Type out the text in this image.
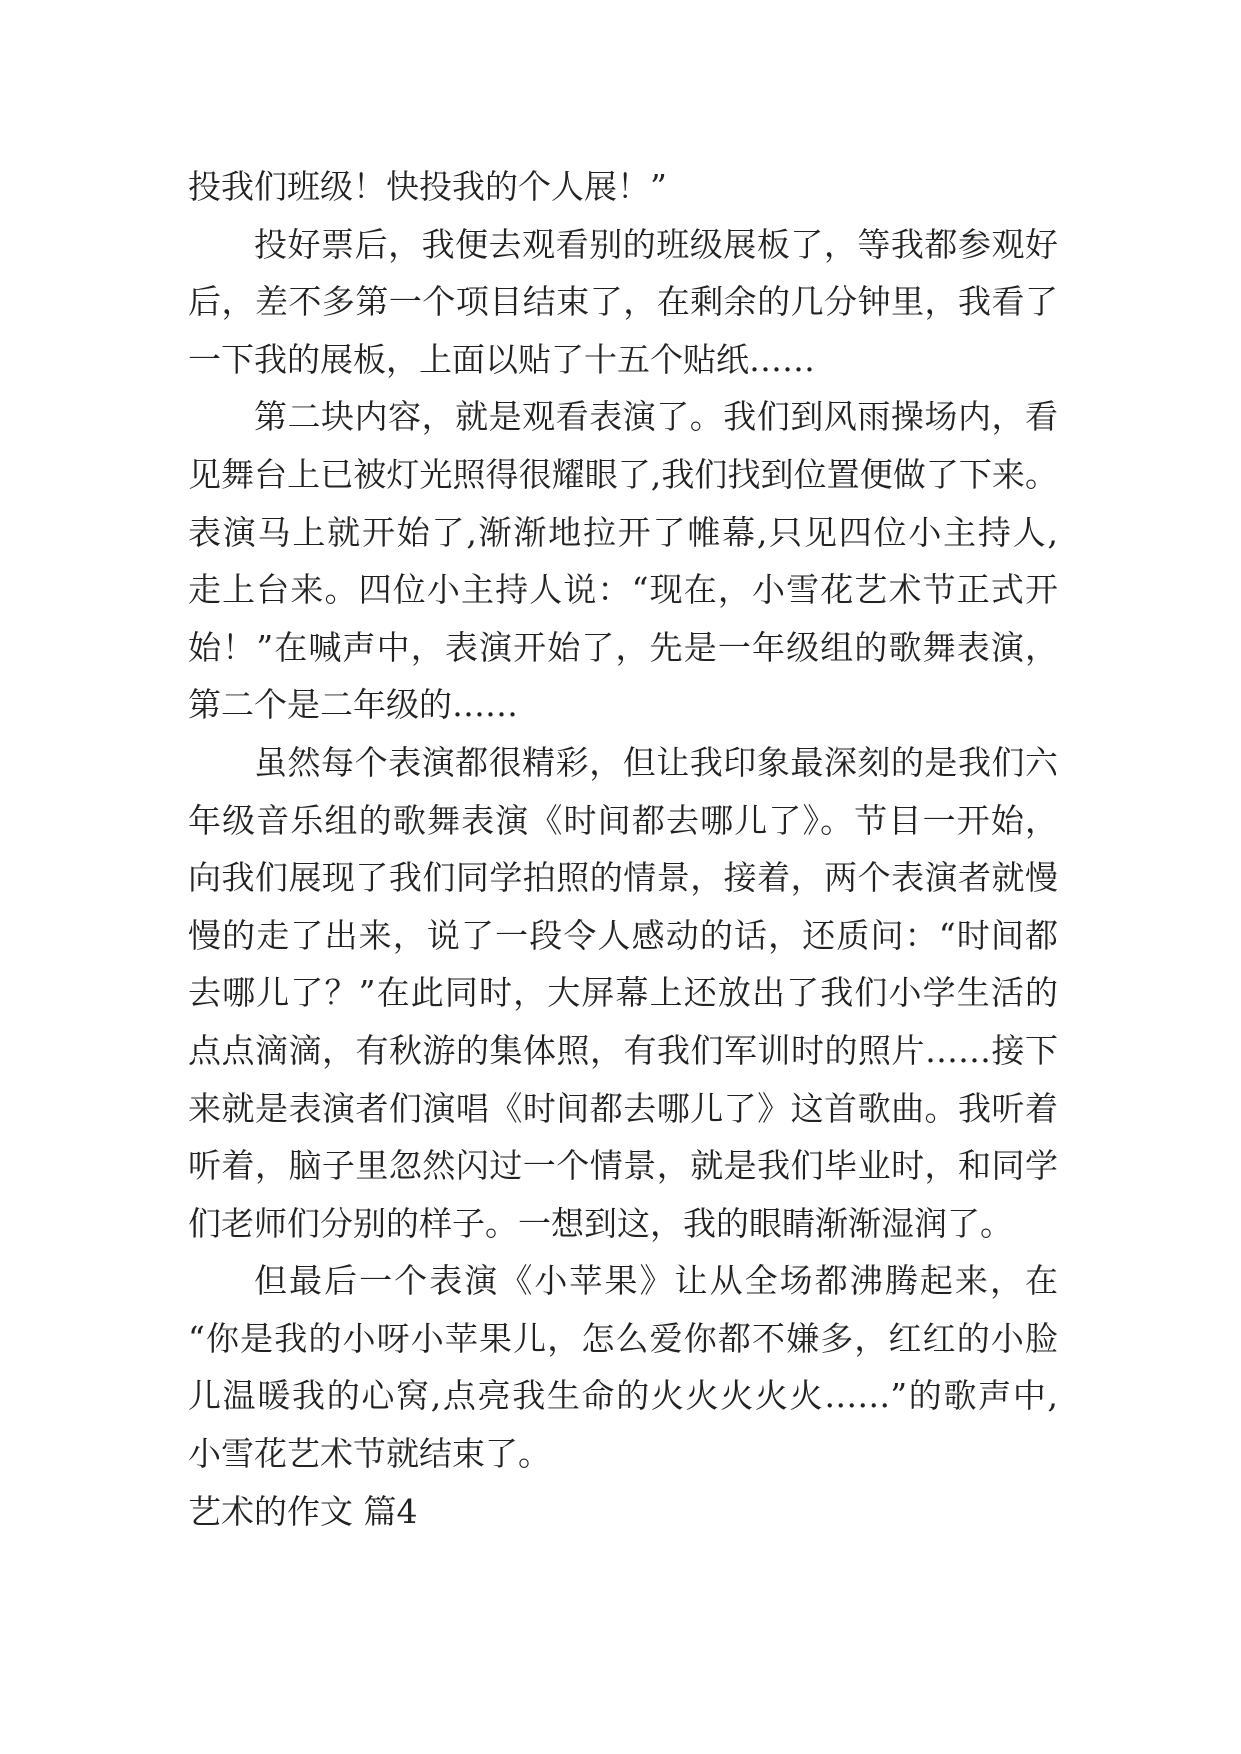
投我们班级！快投我的个人展！”
投好票后，我便去观看别的班级展板了，等我都参观好
后，差不多第一个项目结束了，在剩余的几分钟里，我看了
一下我的展板，上面以贴了十五个贴纸……
第二块内容，就是观看表演了。我们到风雨操场内，看
见舞台上已被灯光照得很耀眼了,我们找到位置便做了下来。
表演马上就开始了,渐渐地拉开了帷幕,只见四位小主持人,
走上台来。四位小主持人说：“现在，小雪花艺术节正式开
始！”在喊声中，表演开始了，先是一年级组的歌舞表演，
第二个是二年级的……
虽然每个表演都很精彩，但让我印象最深刻的是我们六
年级音乐组的歌舞表演《时间都去哪儿了》。节目一开始，
向我们展现了我们同学拍照的情景，接着，两个表演者就慢
慢的走了出来，说了一段令人感动的话，还质问：“时间都
去哪儿了？”在此同时，大屏幕上还放出了我们小学生活的
点点滴滴，有秋游的集体照，有我们军训时的照片……接下
来就是表演者们演唱《时间都去哪儿了》这首歌曲。我听着
听着，脑子里忽然闪过一个情景，就是我们毕业时，和同学
们老师们分别的样子。一想到这，我的眼睛渐渐湿润了。
但最后一个表演《小苹果》让从全场都沸腾起来，在
“你是我的小呀小苹果儿，怎么爱你都不嫌多，红红的小脸
儿温暖我的心窝,点亮我生命的火火火火火……”的歌声中,
小雪花艺术节就结束了。
艺术的作文 篇4
